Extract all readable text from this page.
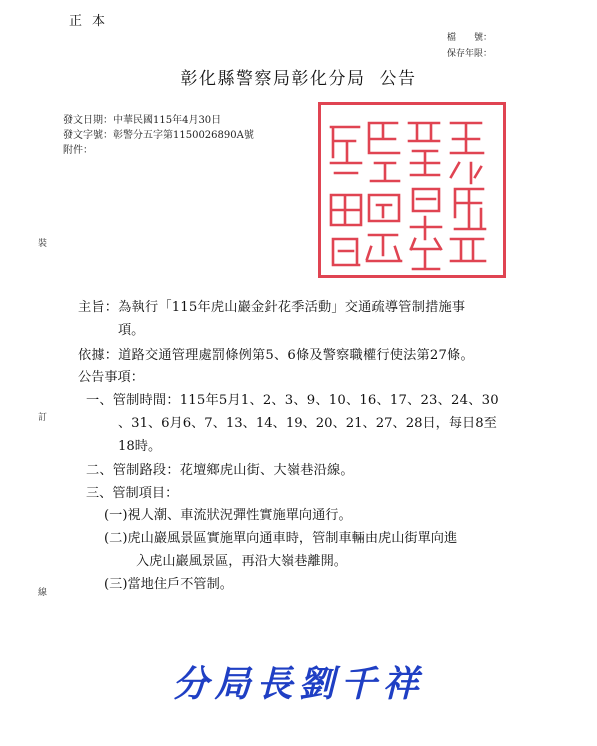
正本
檔　　號：
保存年限：
彰化縣警察局彰化分局 公告
發文日期：中華民國115年4月30日
發文字號：彰警分五字第1150026890A號
附件：
裝
訂
線
主旨：為執行「115年虎山巖金針花季活動」交通疏導管制措施事
項。
依據：道路交通管理處罰條例第5、6條及警察職權行使法第27條。
公告事項：
一、管制時間：115年5月1、2、3、9、10、16、17、23、24、30
、31、6月6、7、13、14、19、20、21、27、28日，每日8至
18時。
二、管制路段：花壇鄉虎山街、大嶺巷沿線。
三、管制項目：
(一)視人潮、車流狀況彈性實施單向通行。
(二)虎山巖風景區實施單向通車時，管制車輛由虎山街單向進
入虎山巖風景區，再沿大嶺巷離開。
(三)當地住戶不管制。
分局長劉千祥
